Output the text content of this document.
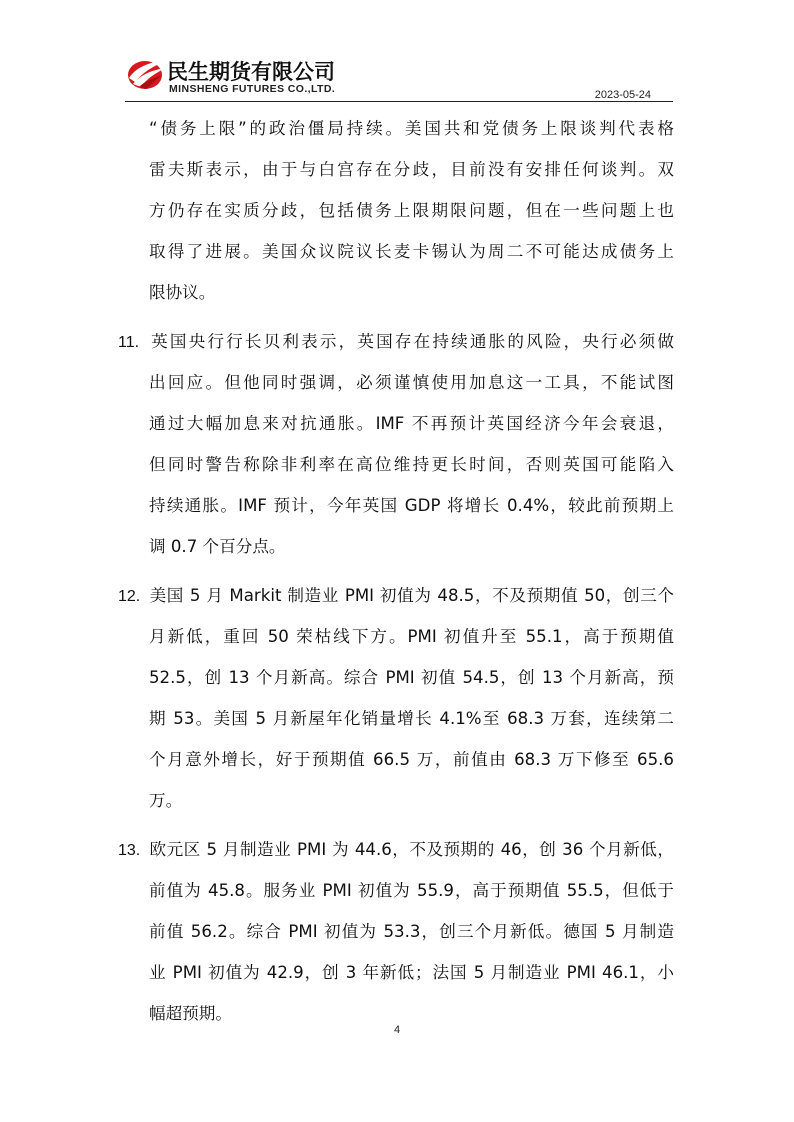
民生期货有限公司
MINSHENG FUTURES CO.,LTD.	2023-05-24
“债务上限”的政治僵局持续。美国共和党债务上限谈判代表格
雷夫斯表示，由于与白宫存在分歧，目前没有安排任何谈判。双
方仍存在实质分歧，包括债务上限期限问题，但在一些问题上也
取得了进展。美国众议院议长麦卡锡认为周二不可能达成债务上
限协议。
11. 英国央行行长贝利表示，英国存在持续通胀的风险，央行必须做
出回应。但他同时强调，必须谨慎使用加息这一工具，不能试图
通过大幅加息来对抗通胀。IMF 不再预计英国经济今年会衰退，
但同时警告称除非利率在高位维持更长时间，否则英国可能陷入
持续通胀。IMF 预计，今年英国 GDP 将增长 0.4%，较此前预期上
调 0.7 个百分点。
12. 美国 5 月 Markit 制造业 PMI 初值为 48.5，不及预期值 50，创三个
月新低，重回 50 荣枯线下方。PMI 初值升至 55.1，高于预期值
52.5，创 13 个月新高。综合 PMI 初值 54.5，创 13 个月新高，预
期 53。美国 5 月新屋年化销量增长 4.1%至 68.3 万套，连续第二
个月意外增长，好于预期值 66.5 万，前值由 68.3 万下修至 65.6
万。
13. 欧元区 5 月制造业 PMI 为 44.6，不及预期的 46，创 36 个月新低，
前值为 45.8。服务业 PMI 初值为 55.9，高于预期值 55.5，但低于
前值 56.2。综合 PMI 初值为 53.3，创三个月新低。德国 5 月制造
业 PMI 初值为 42.9，创 3 年新低；法国 5 月制造业 PMI 46.1，小
幅超预期。
4
